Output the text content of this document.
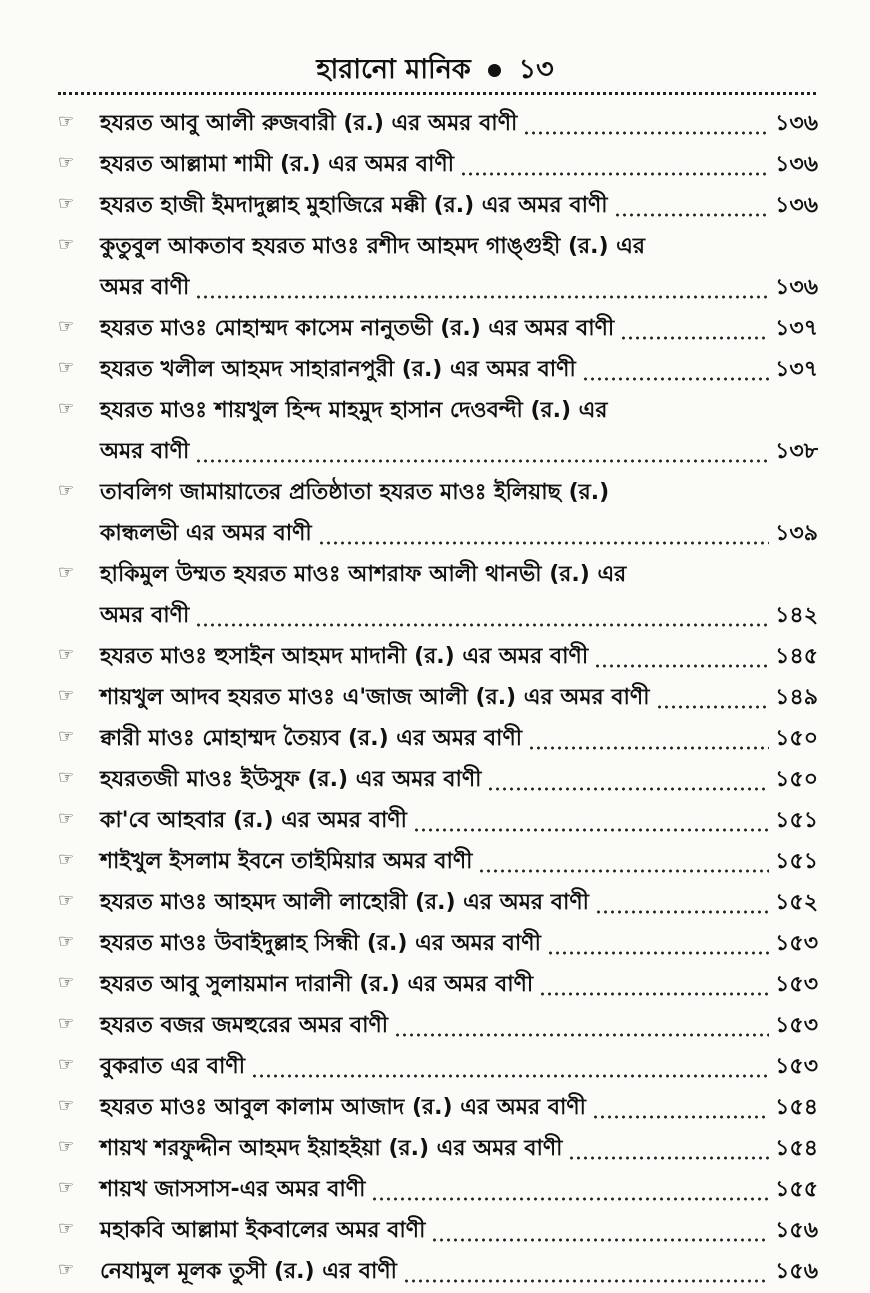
হারানো মানিক ১৩
☞	হযরত আবু আলী রুজবারী (র.) এর অমর বাণী	১৩৬
☞	হযরত আল্লামা শামী (র.) এর অমর বাণী	১৩৬
☞	হযরত হাজী ইমদাদুল্লাহ মুহাজিরে মক্কী (র.) এর অমর বাণী	১৩৬
☞	কুতুবুল আকতাব হযরত মাওঃ রশীদ আহমদ গাঙ্গুহী (র.) এর
অমর বাণী	১৩৬
☞	হযরত মাওঃ মোহাম্মদ কাসেম নানুতভী (র.) এর অমর বাণী	১৩৭
☞	হযরত খলীল আহমদ সাহারানপুরী (র.) এর অমর বাণী	১৩৭
☞	হযরত মাওঃ শায়খুল হিন্দ মাহমুদ হাসান দেওবন্দী (র.) এর
অমর বাণী	১৩৮
☞	তাবলিগ জামায়াতের প্রতিষ্ঠাতা হযরত মাওঃ ইলিয়াছ (র.)
কান্ধলভী এর অমর বাণী	১৩৯
☞	হাকিমুল উম্মত হযরত মাওঃ আশরাফ আলী থানভী (র.) এর
অমর বাণী	১৪২
☞	হযরত মাওঃ হুসাইন আহমদ মাদানী (র.) এর অমর বাণী	১৪৫
☞	শায়খুল আদব হযরত মাওঃ এ'জাজ আলী (র.) এর অমর বাণী	১৪৯
☞	ক্বারী মাওঃ মোহাম্মদ তৈয়্যব (র.) এর অমর বাণী	১৫০
☞	হযরতজী মাওঃ ইউসুফ (র.) এর অমর বাণী	১৫০
☞	কা'বে আহবার (র.) এর অমর বাণী	১৫১
☞	শাইখুল ইসলাম ইবনে তাইমিয়ার অমর বাণী	১৫১
☞	হযরত মাওঃ আহমদ আলী লাহোরী (র.) এর অমর বাণী	১৫২
☞	হযরত মাওঃ উবাইদুল্লাহ সিন্ধী (র.) এর অমর বাণী	১৫৩
☞	হযরত আবু সুলায়মান দারানী (র.) এর অমর বাণী	১৫৩
☞	হযরত বজর জমহুরের অমর বাণী	১৫৩
☞	বুকরাত এর বাণী	১৫৩
☞	হযরত মাওঃ আবুল কালাম আজাদ (র.) এর অমর বাণী	১৫৪
☞	শায়খ শরফুদ্দীন আহমদ ইয়াহইয়া (র.) এর অমর বাণী	১৫৪
☞	শায়খ জাসসাস-এর অমর বাণী	১৫৫
☞	মহাকবি আল্লামা ইকবালের অমর বাণী	১৫৬
☞	নেযামুল মূলক তুসী (র.) এর বাণী	১৫৬
